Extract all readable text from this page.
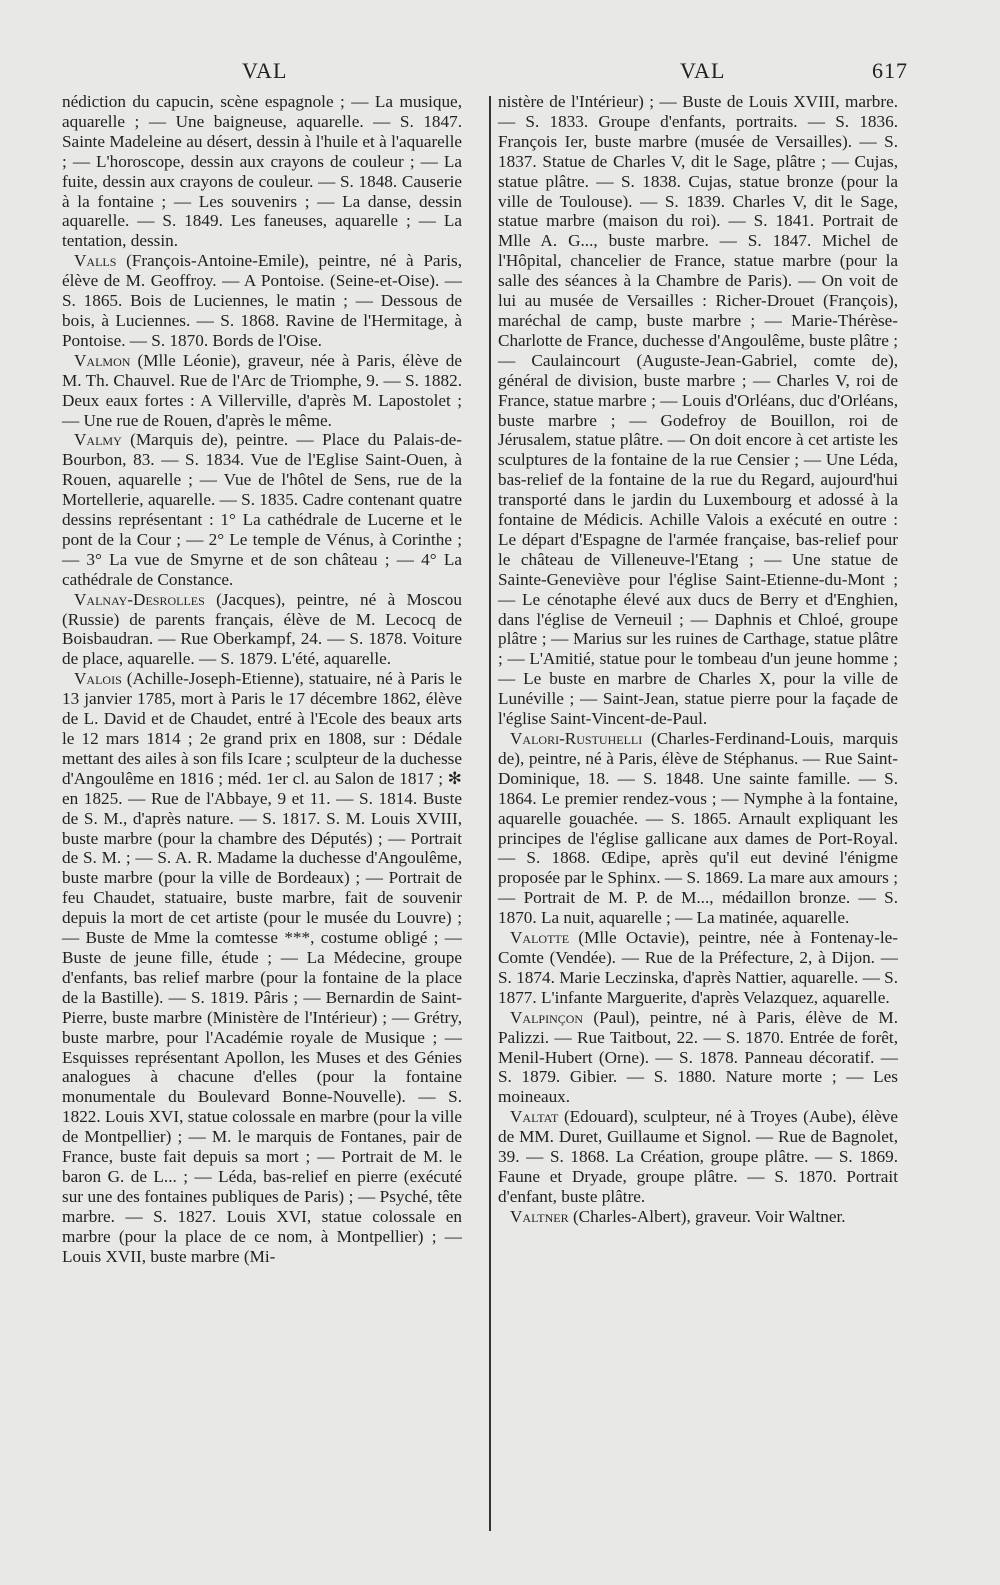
VAL	VAL	617

nédiction du capucin, scène espagnole ; — La musique, aquarelle ; — Une baigneuse, aquarelle. — S. 1847. Sainte Madeleine au désert, dessin à l'huile et à l'aquarelle ; — L'horoscope, dessin aux crayons de couleur ; — La fuite, dessin aux crayons de couleur. — S. 1848. Causerie à la fontaine ; — Les souvenirs ; — La danse, dessin aquarelle. — S. 1849. Les faneuses, aquarelle ; — La tentation, dessin.

Valls (François-Antoine-Emile), peintre, né à Paris, élève de M. Geoffroy. — A Pontoise. (Seine-et-Oise). — S. 1865. Bois de Luciennes, le matin ; — Dessous de bois, à Luciennes. — S. 1868. Ravine de l'Hermitage, à Pontoise. — S. 1870. Bords de l'Oise.

Valmon (Mlle Léonie), graveur, née à Paris, élève de M. Th. Chauvel. Rue de l'Arc de Triomphe, 9. — S. 1882. Deux eaux fortes : A Villerville, d'après M. Lapostolet ; — Une rue de Rouen, d'après le même.

Valmy (Marquis de), peintre. — Place du Palais-de-Bourbon, 83. — S. 1834. Vue de l'Eglise Saint-Ouen, à Rouen, aquarelle ; — Vue de l'hôtel de Sens, rue de la Mortellerie, aquarelle. — S. 1835. Cadre contenant quatre dessins représentant : 1° La cathédrale de Lucerne et le pont de la Cour ; — 2° Le temple de Vénus, à Corinthe ; — 3° La vue de Smyrne et de son château ; — 4° La cathédrale de Constance.

Valnay-Desrolles (Jacques), peintre, né à Moscou (Russie) de parents français, élève de M. Lecocq de Boisbaudran. — Rue Oberkampf, 24. — S. 1878. Voiture de place, aquarelle. — S. 1879. L'été, aquarelle.

Valois (Achille-Joseph-Etienne), statuaire, né à Paris le 13 janvier 1785, mort à Paris le 17 décembre 1862, élève de L. David et de Chaudet, entré à l'Ecole des beaux arts le 12 mars 1814 ; 2e grand prix en 1808, sur : Dédale mettant des ailes à son fils Icare ; sculpteur de la duchesse d'Angoulême en 1816 ; méd. 1er cl. au Salon de 1817 ; ✻ en 1825. — Rue de l'Abbaye, 9 et 11. — S. 1814. Buste de S. M., d'après nature. — S. 1817. S. M. Louis XVIII, buste marbre (pour la chambre des Députés) ; — Portrait de S. M. ; — S. A. R. Madame la duchesse d'Angoulême, buste marbre (pour la ville de Bordeaux) ; — Portrait de feu Chaudet, statuaire, buste marbre, fait de souvenir depuis la mort de cet artiste (pour le musée du Louvre) ; — Buste de Mme la comtesse ***, costume obligé ; — Buste de jeune fille, étude ; — La Médecine, groupe d'enfants, bas relief marbre (pour la fontaine de la place de la Bastille). — S. 1819. Pâris ; — Bernardin de Saint-Pierre, buste marbre (Ministère de l'Intérieur) ; — Grétry, buste marbre, pour l'Académie royale de Musique ; — Esquisses représentant Apollon, les Muses et des Génies analogues à chacune d'elles (pour la fontaine monumentale du Boulevard Bonne-Nouvelle). — S. 1822. Louis XVI, statue colossale en marbre (pour la ville de Montpellier) ; — M. le marquis de Fontanes, pair de France, buste fait depuis sa mort ; — Portrait de M. le baron G. de L... ; — Léda, bas-relief en pierre (exécuté sur une des fontaines publiques de Paris) ; — Psyché, tête marbre. — S. 1827. Louis XVI, statue colossale en marbre (pour la place de ce nom, à Montpellier) ; — Louis XVII, buste marbre (Mi-

nistère de l'Intérieur) ; — Buste de Louis XVIII, marbre. — S. 1833. Groupe d'enfants, portraits. — S. 1836. François Ier, buste marbre (musée de Versailles). — S. 1837. Statue de Charles V, dit le Sage, plâtre ; — Cujas, statue plâtre. — S. 1838. Cujas, statue bronze (pour la ville de Toulouse). — S. 1839. Charles V, dit le Sage, statue marbre (maison du roi). — S. 1841. Portrait de Mlle A. G..., buste marbre. — S. 1847. Michel de l'Hôpital, chancelier de France, statue marbre (pour la salle des séances à la Chambre de Paris). — On voit de lui au musée de Versailles : Richer-Drouet (François), maréchal de camp, buste marbre ; — Marie-Thérèse-Charlotte de France, duchesse d'Angoulême, buste plâtre ; — Caulaincourt (Auguste-Jean-Gabriel, comte de), général de division, buste marbre ; — Charles V, roi de France, statue marbre ; — Louis d'Orléans, duc d'Orléans, buste marbre ; — Godefroy de Bouillon, roi de Jérusalem, statue plâtre. — On doit encore à cet artiste les sculptures de la fontaine de la rue Censier ; — Une Léda, bas-relief de la fontaine de la rue du Regard, aujourd'hui transporté dans le jardin du Luxembourg et adossé à la fontaine de Médicis. Achille Valois a exécuté en outre : Le départ d'Espagne de l'armée française, bas-relief pour le château de Villeneuve-l'Etang ; — Une statue de Sainte-Geneviève pour l'église Saint-Etienne-du-Mont ; — Le cénotaphe élevé aux ducs de Berry et d'Enghien, dans l'église de Verneuil ; — Daphnis et Chloé, groupe plâtre ; — Marius sur les ruines de Carthage, statue plâtre ; — L'Amitié, statue pour le tombeau d'un jeune homme ; — Le buste en marbre de Charles X, pour la ville de Lunéville ; — Saint-Jean, statue pierre pour la façade de l'église Saint-Vincent-de-Paul.

Valori-Rustuhelli (Charles-Ferdinand-Louis, marquis de), peintre, né à Paris, élève de Stéphanus. — Rue Saint-Dominique, 18. — S. 1848. Une sainte famille. — S. 1864. Le premier rendez-vous ; — Nymphe à la fontaine, aquarelle gouachée. — S. 1865. Arnault expliquant les principes de l'église gallicane aux dames de Port-Royal. — S. 1868. Œdipe, après qu'il eut deviné l'énigme proposée par le Sphinx. — S. 1869. La mare aux amours ; — Portrait de M. P. de M..., médaillon bronze. — S. 1870. La nuit, aquarelle ; — La matinée, aquarelle.

Valotte (Mlle Octavie), peintre, née à Fontenay-le-Comte (Vendée). — Rue de la Préfecture, 2, à Dijon. — S. 1874. Marie Leczinska, d'après Nattier, aquarelle. — S. 1877. L'infante Marguerite, d'après Velazquez, aquarelle.

Valpinçon (Paul), peintre, né à Paris, élève de M. Palizzi. — Rue Taitbout, 22. — S. 1870. Entrée de forêt, Menil-Hubert (Orne). — S. 1878. Panneau décoratif. — S. 1879. Gibier. — S. 1880. Nature morte ; — Les moineaux.

Valtat (Edouard), sculpteur, né à Troyes (Aube), élève de MM. Duret, Guillaume et Signol. — Rue de Bagnolet, 39. — S. 1868. La Création, groupe plâtre. — S. 1869. Faune et Dryade, groupe plâtre. — S. 1870. Portrait d'enfant, buste plâtre.

Valtner (Charles-Albert), graveur. Voir Waltner.
